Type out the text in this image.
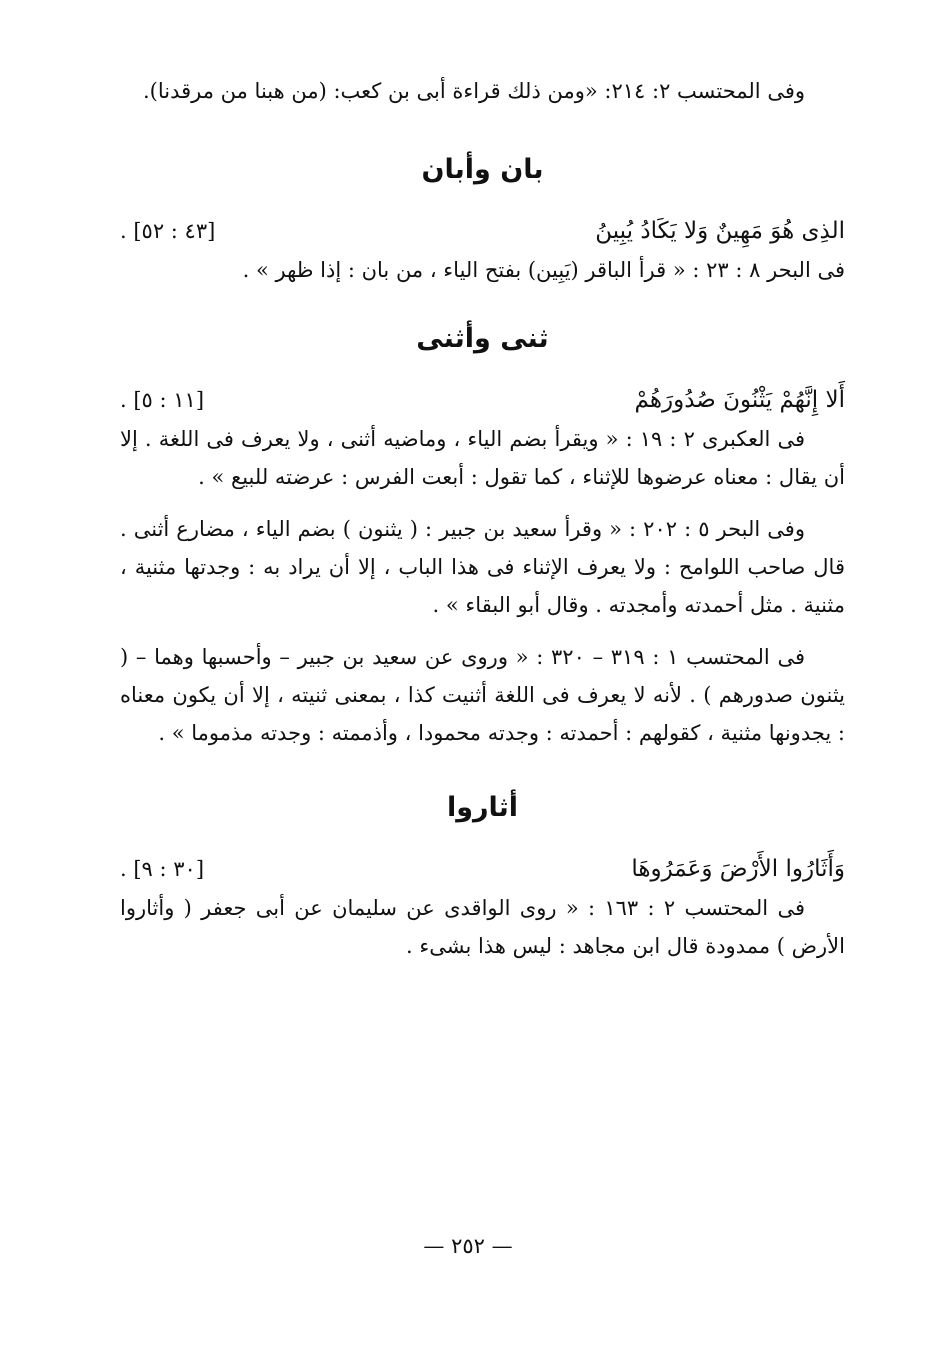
وفى المحتسب ٢: ٢١٤: «ومن ذلك قراءة أبى بن كعب: (من هبنا من مرقدنا).
بان وأبان
الذِى هُوَ مَهِينٌ وَلا يَكَادُ يُبِينُ
[٤٣ : ٥٢] .
فى البحر ٨ : ٢٣ : « قرأ الباقر (يَبِين) بفتح الياء ، من بان : إذا ظهر » .
ثنى وأثنى
أَلا إِنَّهُمْ يَثْنُونَ صُدُورَهُمْ
[١١ : ٥] .
فى العكبرى ٢ : ١٩ : « ويقرأ بضم الياء ، وماضيه أثنى ، ولا يعرف فى اللغة . إلا أن يقال : معناه عرضوها للإثناء ، كما تقول : أبعت الفرس : عرضته للبيع » .
وفى البحر ٥ : ٢٠٢ : « وقرأ سعيد بن جبير : ( يثنون ) بضم الياء ، مضارع أثنى . قال صاحب اللوامح : ولا يعرف الإثناء فى هذا الباب ، إلا أن يراد به : وجدتها مثنية ، مثنية . مثل أحمدته وأمجدته . وقال أبو البقاء » .
فى المحتسب ١ : ٣١٩ – ٣٢٠ : « وروى عن سعيد بن جبير – وأحسبها وهما – ( يثنون صدورهم ) . لأنه لا يعرف فى اللغة أثنيت كذا ، بمعنى ثنيته ، إلا أن يكون معناه : يجدونها مثنية ، كقولهم : أحمدته : وجدته محمودا ، وأذممته : وجدته مذموما » .
أثاروا
وَأَثَارُوا الأَرْضَ وَعَمَرُوهَا
[٣٠ : ٩] .
فى المحتسب ٢ : ١٦٣ : « روى الواقدى عن سليمان عن أبى جعفر ( وأثاروا الأرض ) ممدودة قال ابن مجاهد : ليس هذا بشىء .
— ٢٥٢ —
